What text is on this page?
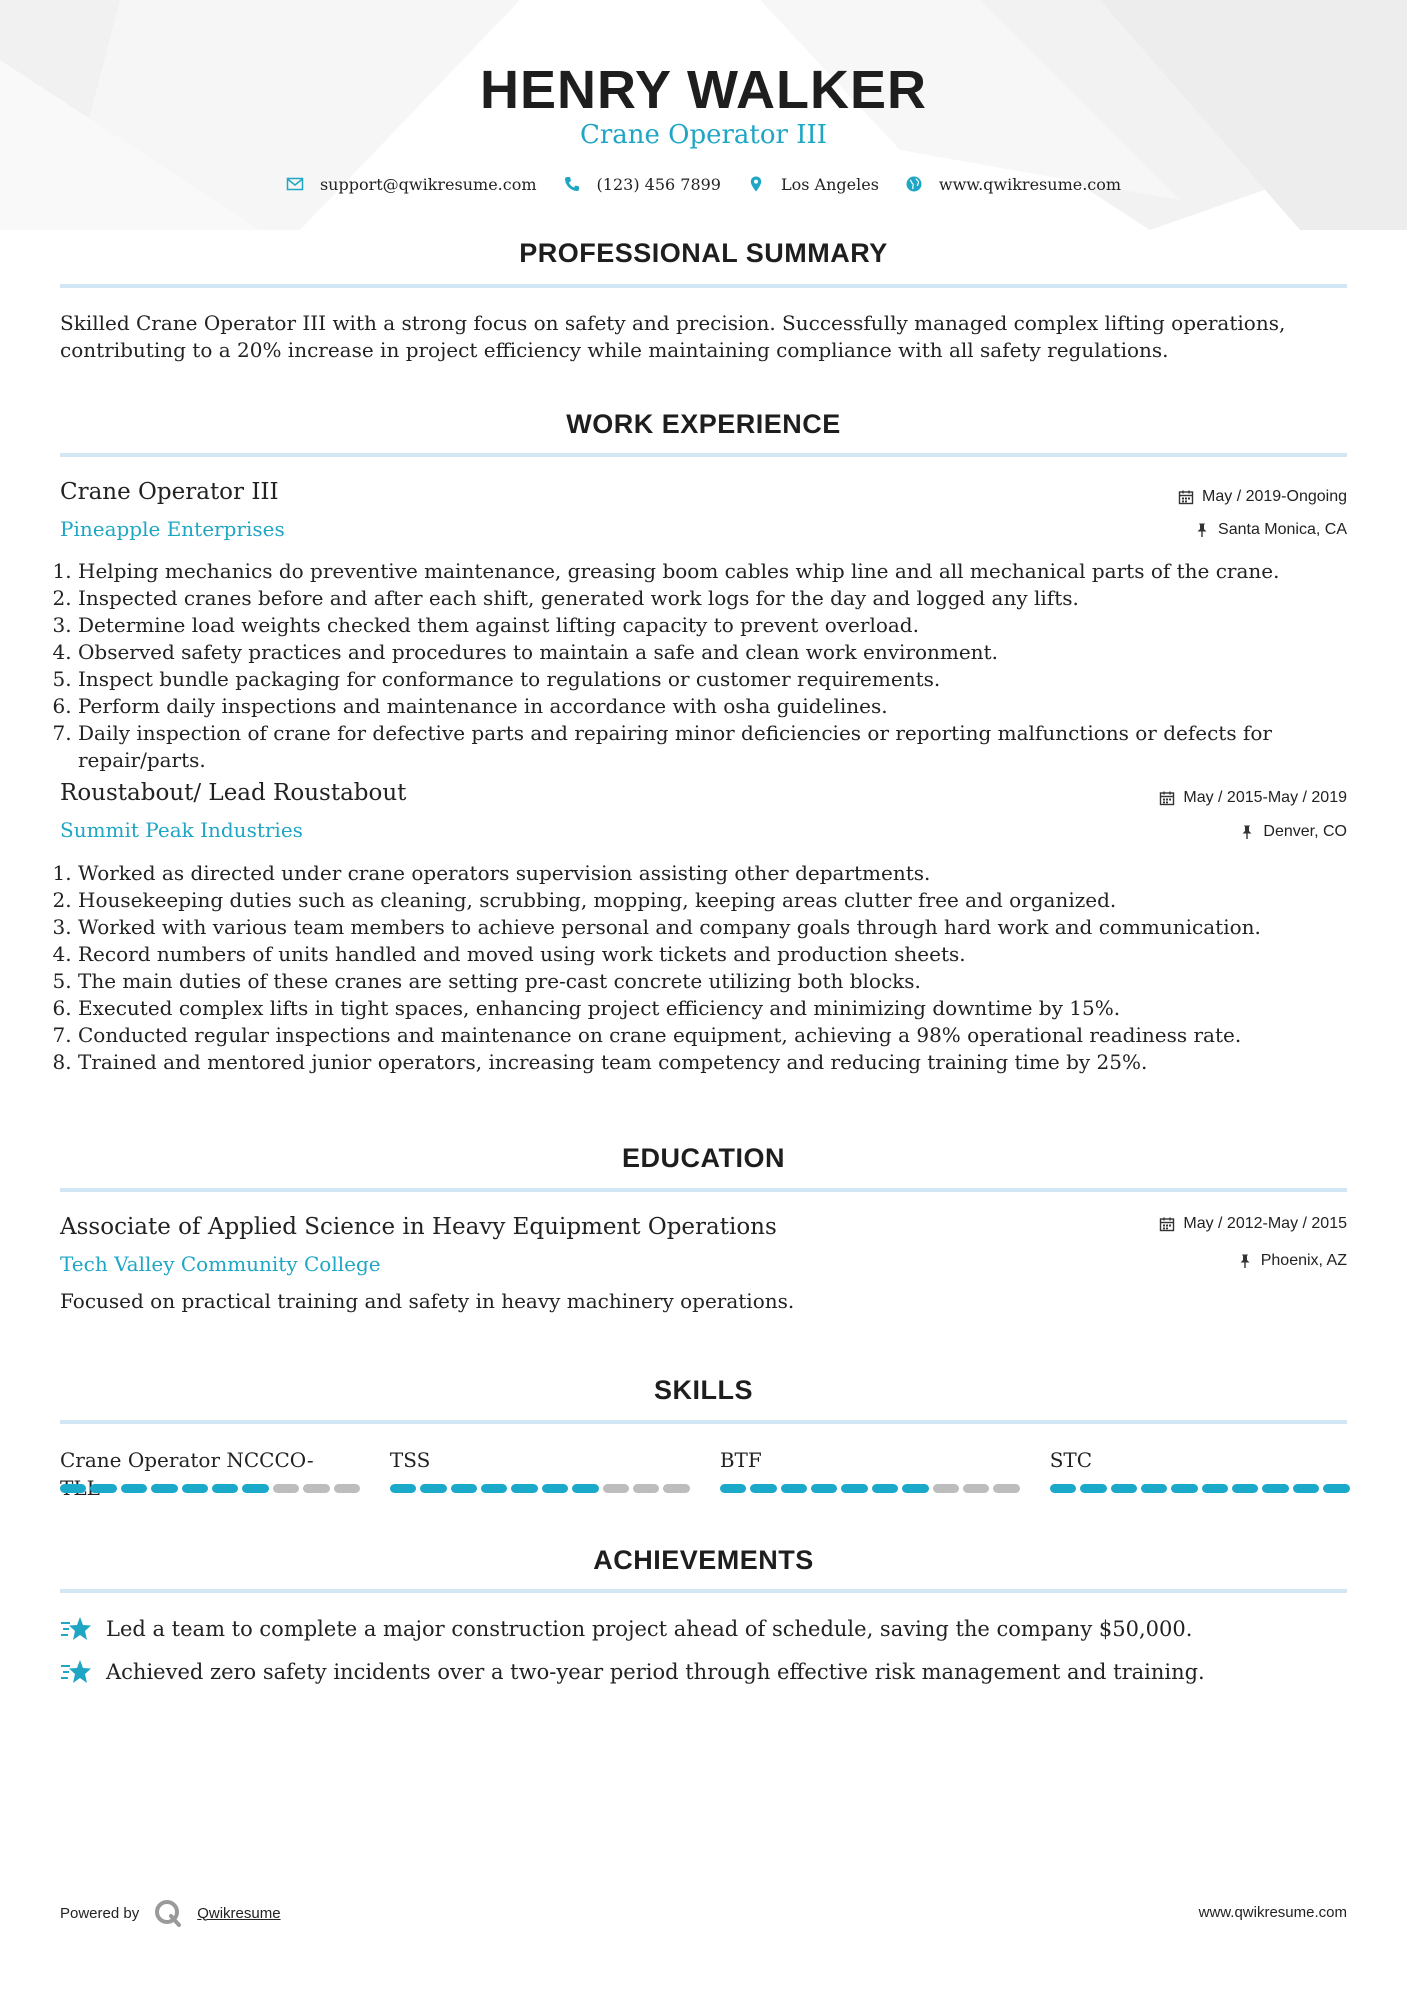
HENRY WALKER
Crane Operator III
support@qwikresume.com	(123) 456 7899	Los Angeles	www.qwikresume.com
PROFESSIONAL SUMMARY
Skilled Crane Operator III with a strong focus on safety and precision. Successfully managed complex lifting operations, contributing to a 20% increase in project efficiency while maintaining compliance with all safety regulations.
WORK EXPERIENCE
Crane Operator III	May / 2019-Ongoing
Pineapple Enterprises	Santa Monica, CA
1. Helping mechanics do preventive maintenance, greasing boom cables whip line and all mechanical parts of the crane.
2. Inspected cranes before and after each shift, generated work logs for the day and logged any lifts.
3. Determine load weights checked them against lifting capacity to prevent overload.
4. Observed safety practices and procedures to maintain a safe and clean work environment.
5. Inspect bundle packaging for conformance to regulations or customer requirements.
6. Perform daily inspections and maintenance in accordance with osha guidelines.
7. Daily inspection of crane for defective parts and repairing minor deficiencies or reporting malfunctions or defects for repair/parts.
Roustabout/ Lead Roustabout	May / 2015-May / 2019
Summit Peak Industries	Denver, CO
1. Worked as directed under crane operators supervision assisting other departments.
2. Housekeeping duties such as cleaning, scrubbing, mopping, keeping areas clutter free and organized.
3. Worked with various team members to achieve personal and company goals through hard work and communication.
4. Record numbers of units handled and moved using work tickets and production sheets.
5. The main duties of these cranes are setting pre-cast concrete utilizing both blocks.
6. Executed complex lifts in tight spaces, enhancing project efficiency and minimizing downtime by 15%.
7. Conducted regular inspections and maintenance on crane equipment, achieving a 98% operational readiness rate.
8. Trained and mentored junior operators, increasing team competency and reducing training time by 25%.
EDUCATION
Associate of Applied Science in Heavy Equipment Operations	May / 2012-May / 2015
Tech Valley Community College	Phoenix, AZ
Focused on practical training and safety in heavy machinery operations.
SKILLS
Crane Operator NCCCO-	TSS	BTF	STC
ACHIEVEMENTS
Led a team to complete a major construction project ahead of schedule, saving the company $50,000.
Achieved zero safety incidents over a two-year period through effective risk management and training.
Powered by	Qwikresume	www.qwikresume.com
